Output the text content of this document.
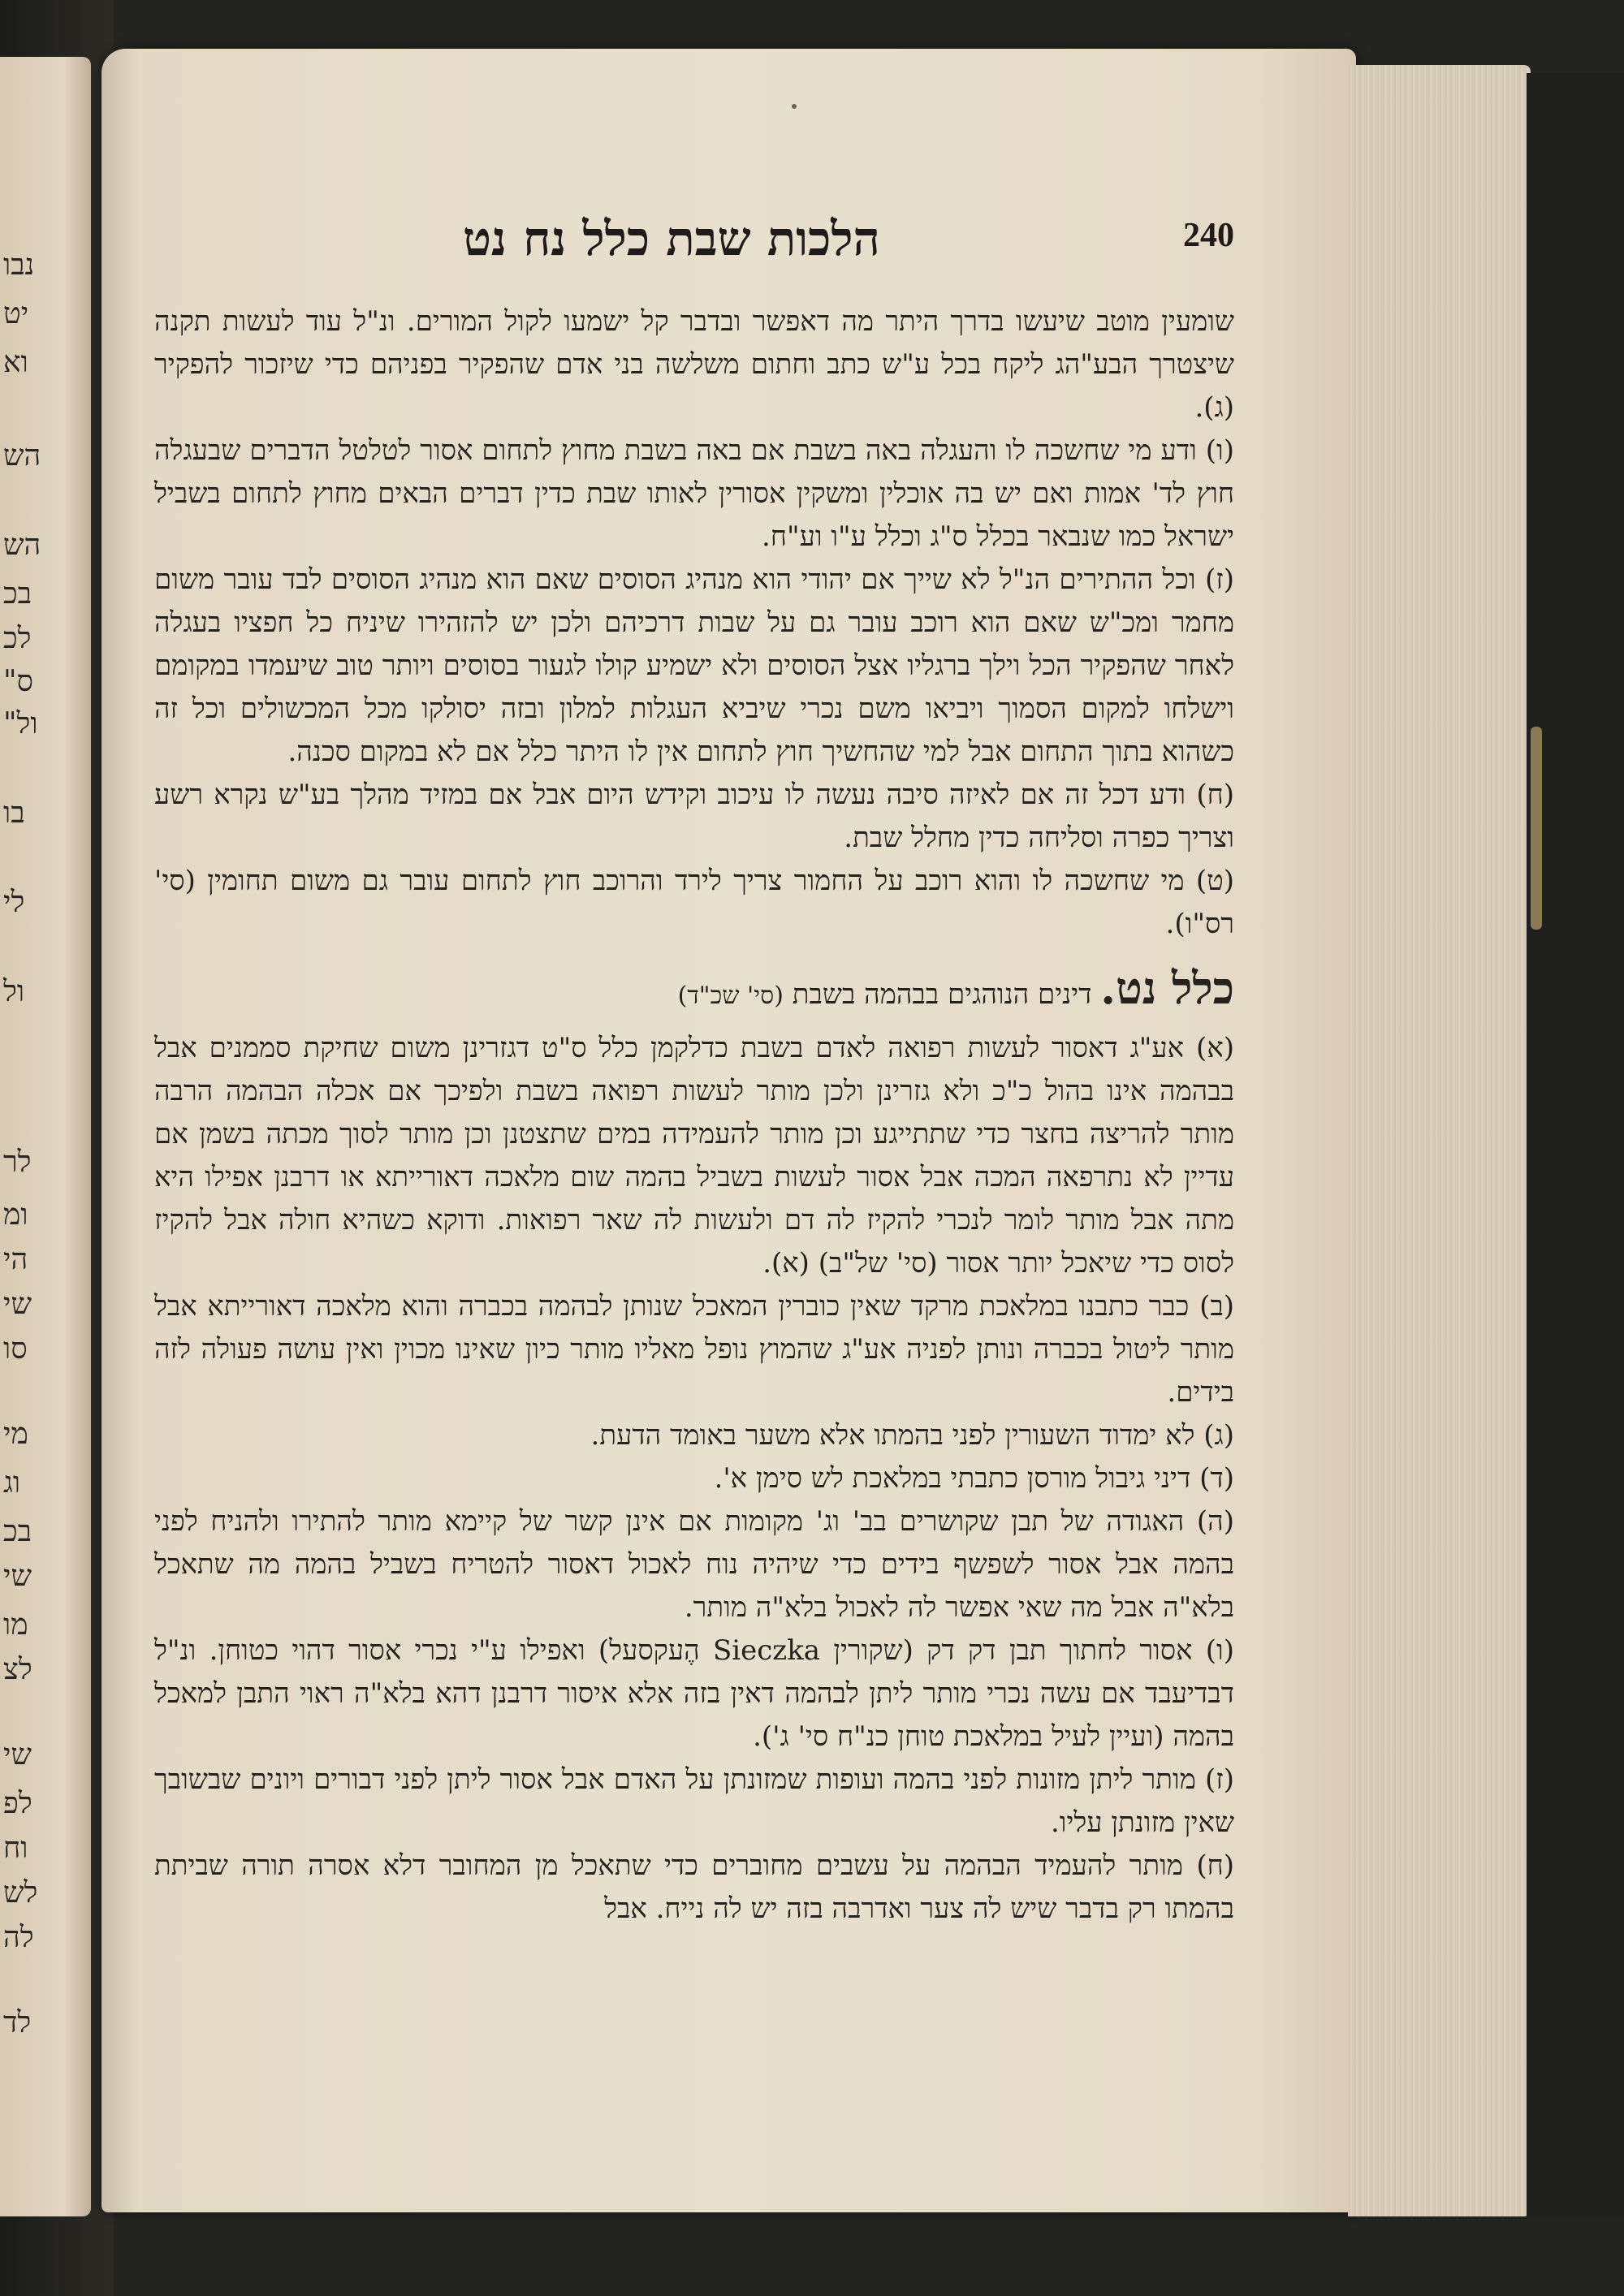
נבו
יט
וא
הש
הש
בכ
לכ
ס"
ול"
בו
לי
ול
לר
ומ
הי
שי
סו
מי
וג
בכ
שי
מו
לצ
שי
לפ
וח
לש
לה
לד
הלכות שבת כלל נח נט	240

שומעין מוטב שיעשו בדרך היתר מה דאפשר ובדבר קל ישמעו לקול המורים. ונ"ל עוד לעשות תקנה שיצטרך הבע"הג ליקח בכל ע"ש כתב וחתום משלשה בני אדם שהפקיר בפניהם כדי שיזכור להפקיר (ג).

(ו) ודע מי שחשכה לו והעגלה באה בשבת אם באה בשבת מחוץ לתחום אסור לטלטל הדברים שבעגלה חוץ לד' אמות ואם יש בה אוכלין ומשקין אסורין לאותו שבת כדין דברים הבאים מחוץ לתחום בשביל ישראל כמו שנבאר בכלל ס"ג וכלל ע"ו וע"ח.

(ז) וכל ההתירים הנ"ל לא שייך אם יהודי הוא מנהיג הסוסים שאם הוא מנהיג הסוסים לבד עובר משום מחמר ומכ"ש שאם הוא רוכב עובר גם על שבות דרכיהם ולכן יש להזהירו שיניח כל חפציו בעגלה לאחר שהפקיר הכל וילך ברגליו אצל הסוסים ולא ישמיע קולו לגעור בסוסים ויותר טוב שיעמדו במקומם וישלחו למקום הסמוך ויביאו משם נכרי שיביא העגלות למלון ובזה יסולקו מכל המכשולים וכל זה כשהוא בתוך התחום אבל למי שהחשיך חוץ לתחום אין לו היתר כלל אם לא במקום סכנה.

(ח) ודע דכל זה אם לאיזה סיבה נעשה לו עיכוב וקידש היום אבל אם במזיד מהלך בע"ש נקרא רשע וצריך כפרה וסליחה כדין מחלל שבת.

(ט) מי שחשכה לו והוא רוכב על החמור צריך לירד והרוכב חוץ לתחום עובר גם משום תחומין (סי' רס"ו).

כלל נט. דינים הנוהגים בבהמה בשבת (סי' שכ"ד)

(א) אע"ג דאסור לעשות רפואה לאדם בשבת כדלקמן כלל ס"ט דגזרינן משום שחיקת סממנים אבל בבהמה אינו בהול כ"כ ולא גזרינן ולכן מותר לעשות רפואה בשבת ולפיכך אם אכלה הבהמה הרבה מותר להריצה בחצר כדי שתתייגע וכן מותר להעמידה במים שתצטנן וכן מותר לסוך מכתה בשמן אם עדיין לא נתרפאה המכה אבל אסור לעשות בשביל בהמה שום מלאכה דאורייתא או דרבנן אפילו היא מתה אבל מותר לומר לנכרי להקיז לה דם ולעשות לה שאר רפואות. ודוקא כשהיא חולה אבל להקיז לסוס כדי שיאכל יותר אסור (סי' של"ב) (א).

(ב) כבר כתבנו במלאכת מרקד שאין כוברין המאכל שנותן לבהמה בכברה והוא מלאכה דאורייתא אבל מותר ליטול בכברה ונותן לפניה אע"ג שהמוץ נופל מאליו מותר כיון שאינו מכוין ואין עושה פעולה לזה בידים.

(ג) לא ימדוד השעורין לפני בהמתו אלא משער באומד הדעת.

(ד) דיני גיבול מורסן כתבתי במלאכת לש סימן א'.

(ה) האגודה של תבן שקושרים בב' וג' מקומות אם אינן קשר של קיימא מותר להתירו ולהניח לפני בהמה אבל אסור לשפשף בידים כדי שיהיה נוח לאכול דאסור להטריח בשביל בהמה מה שתאכל בלא"ה אבל מה שאי אפשר לה לאכול בלא"ה מותר.

(ו) אסור לחתוך תבן דק דק (שקורין Sieczka הֶעקסעל) ואפילו ע"י נכרי אסור דהוי כטוחן. ונ"ל דבדיעבד אם עשה נכרי מותר ליתן לבהמה דאין בזה אלא איסור דרבנן דהא בלא"ה ראוי התבן למאכל בהמה (ועיין לעיל במלאכת טוחן כנ"ח סי' ג').

(ז) מותר ליתן מזונות לפני בהמה ועופות שמזונתן על האדם אבל אסור ליתן לפני דבורים ויונים שבשובך שאין מזונתן עליו.

(ח) מותר להעמיד הבהמה על עשבים מחוברים כדי שתאכל מן המחובר דלא אסרה תורה שביתת בהמתו רק בדבר שיש לה צער ואדרבה בזה יש לה נייח. אבל
